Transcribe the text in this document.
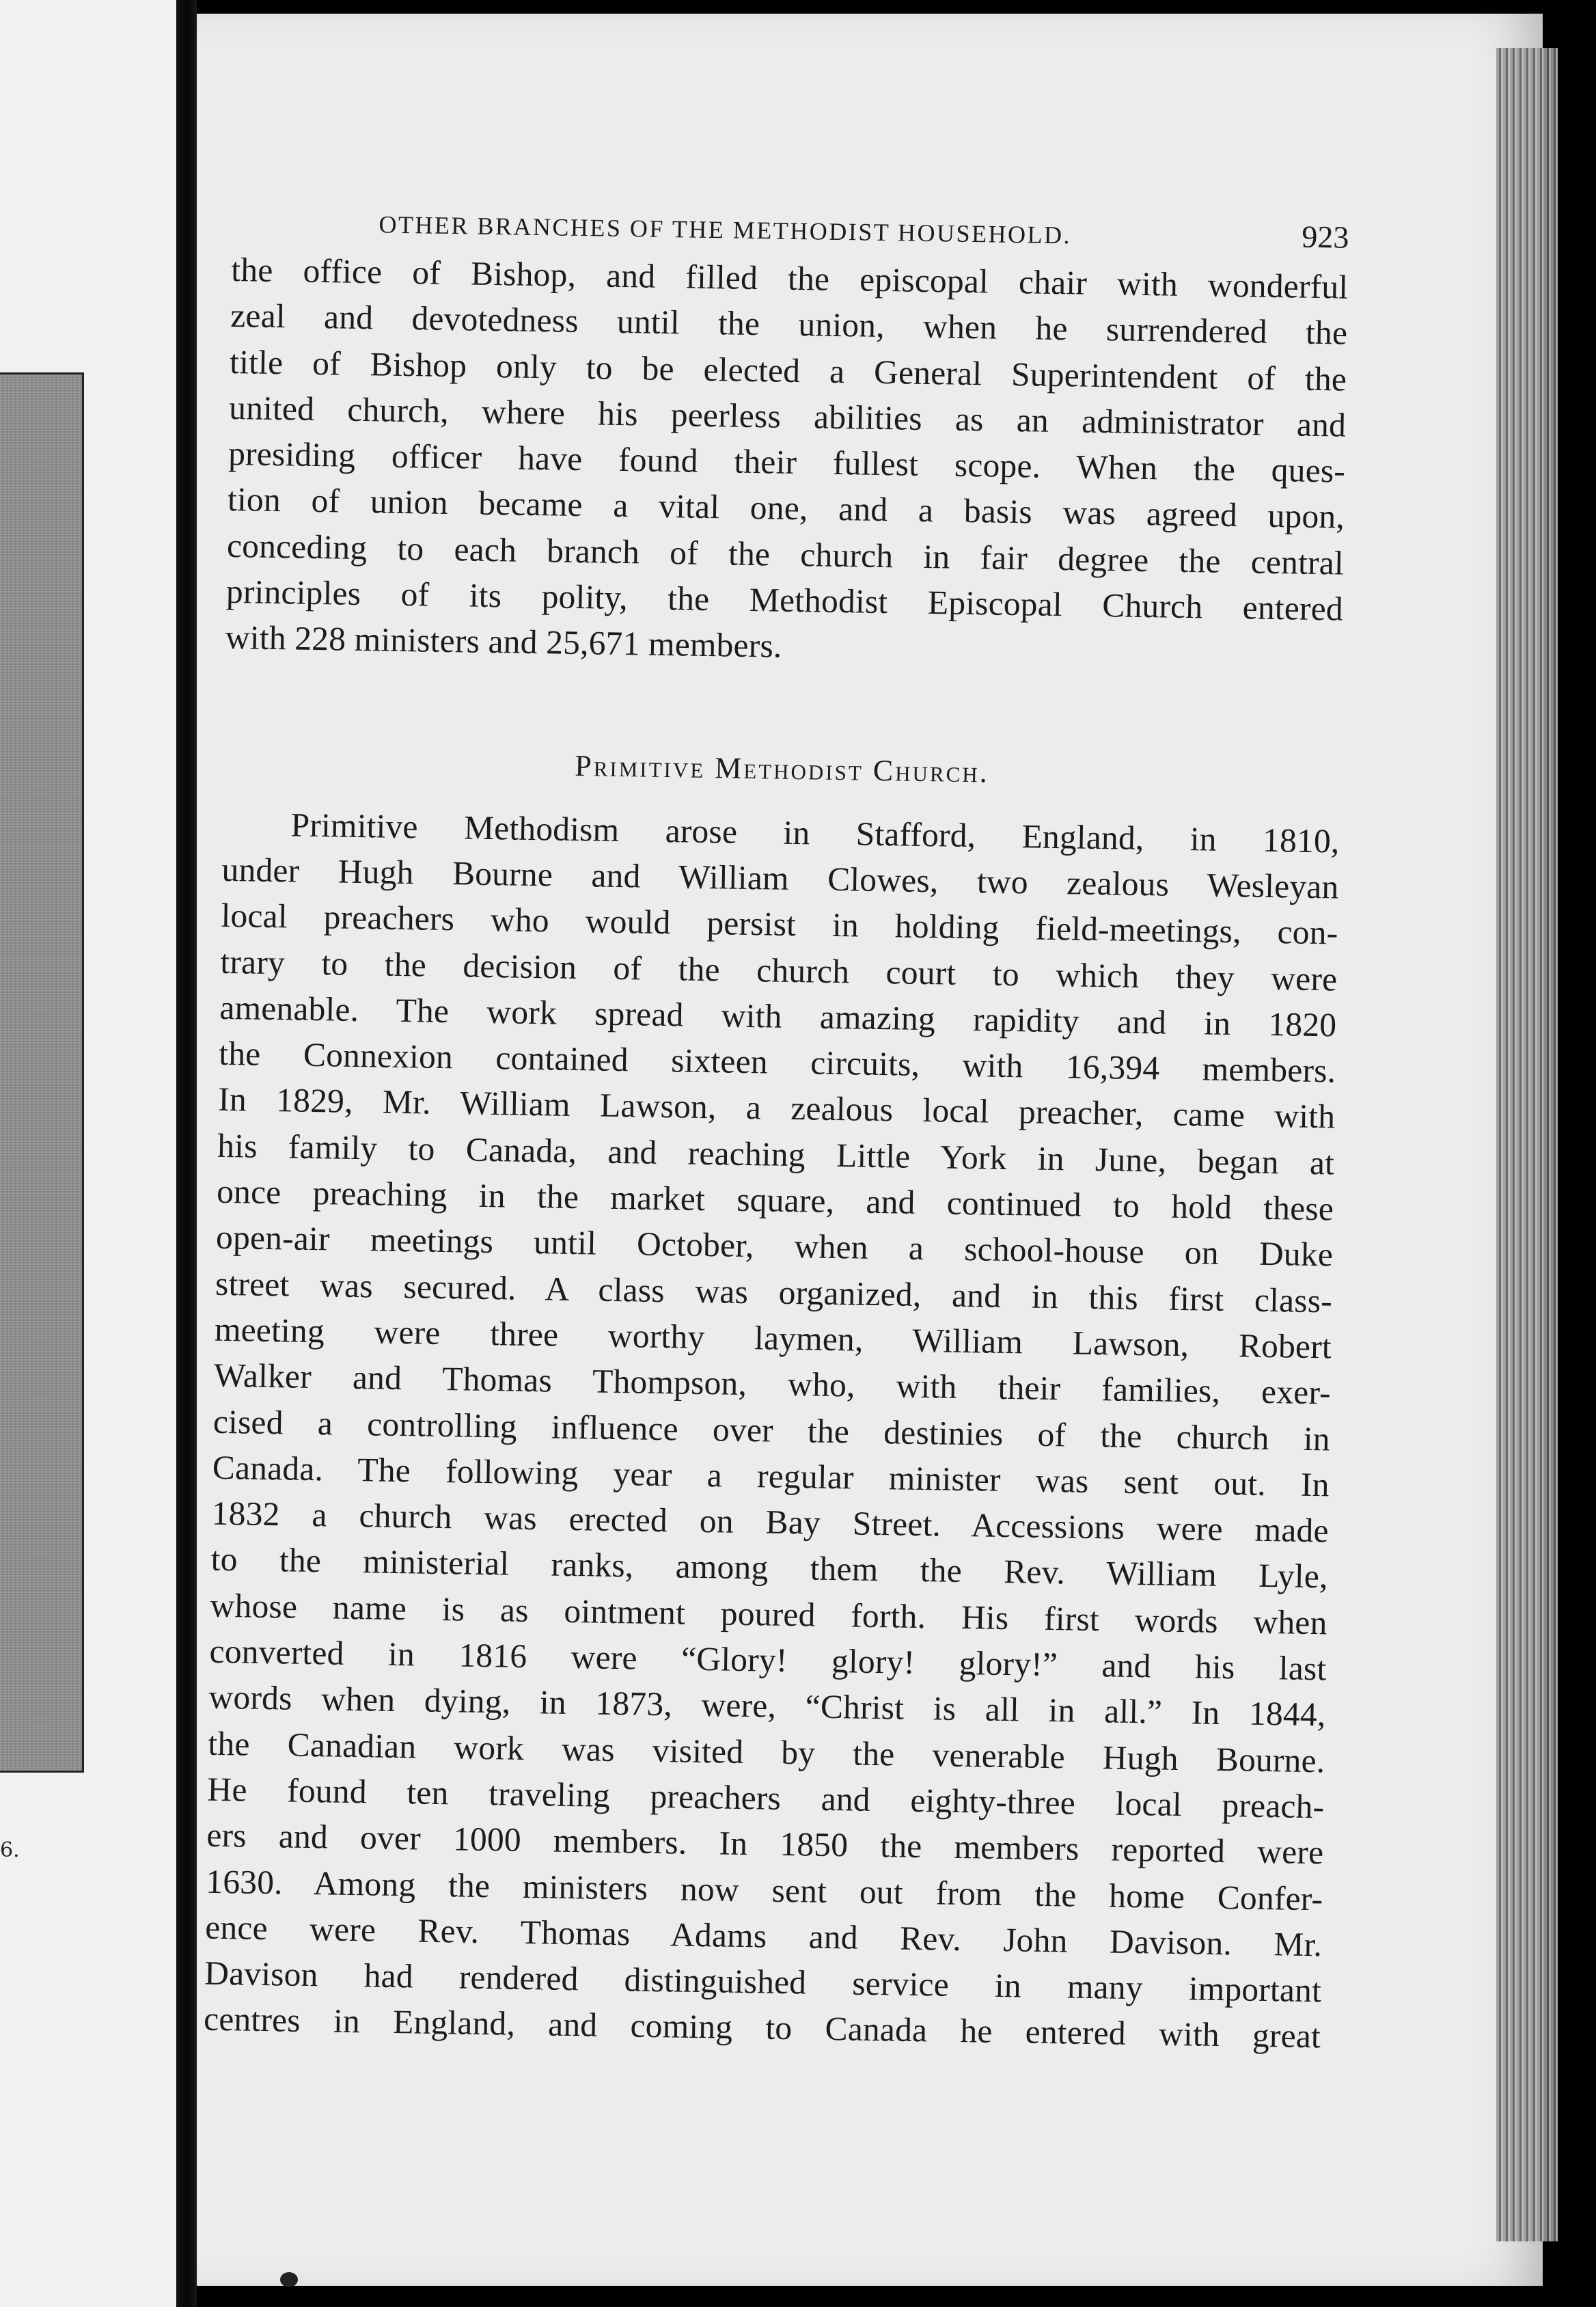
6.
OTHER BRANCHES OF THE METHODIST HOUSEHOLD.	923
the office of Bishop, and filled the episcopal chair with wonderful
zeal and devotedness until the union, when he surrendered the
title of Bishop only to be elected a General Superintendent of the
united church, where his peerless abilities as an administrator and
presiding officer have found their fullest scope. When the ques-
tion of union became a vital one, and a basis was agreed upon,
conceding to each branch of the church in fair degree the central
principles of its polity, the Methodist Episcopal Church entered
with 228 ministers and 25,671 members.
Primitive Methodist Church.
Primitive Methodism arose in Stafford, England, in 1810,
under Hugh Bourne and William Clowes, two zealous Wesleyan
local preachers who would persist in holding field-meetings, con-
trary to the decision of the church court to which they were
amenable. The work spread with amazing rapidity and in 1820
the Connexion contained sixteen circuits, with 16,394 members.
In 1829, Mr. William Lawson, a zealous local preacher, came with
his family to Canada, and reaching Little York in June, began at
once preaching in the market square, and continued to hold these
open-air meetings until October, when a school-house on Duke
street was secured. A class was organized, and in this first class-
meeting were three worthy laymen, William Lawson, Robert
Walker and Thomas Thompson, who, with their families, exer-
cised a controlling influence over the destinies of the church in
Canada. The following year a regular minister was sent out. In
1832 a church was erected on Bay Street. Accessions were made
to the ministerial ranks, among them the Rev. William Lyle,
whose name is as ointment poured forth. His first words when
converted in 1816 were “Glory! glory! glory!” and his last
words when dying, in 1873, were, “Christ is all in all.” In 1844,
the Canadian work was visited by the venerable Hugh Bourne.
He found ten traveling preachers and eighty-three local preach-
ers and over 1000 members. In 1850 the members reported were
1630. Among the ministers now sent out from the home Confer-
ence were Rev. Thomas Adams and Rev. John Davison. Mr.
Davison had rendered distinguished service in many important
centres in England, and coming to Canada he entered with great
